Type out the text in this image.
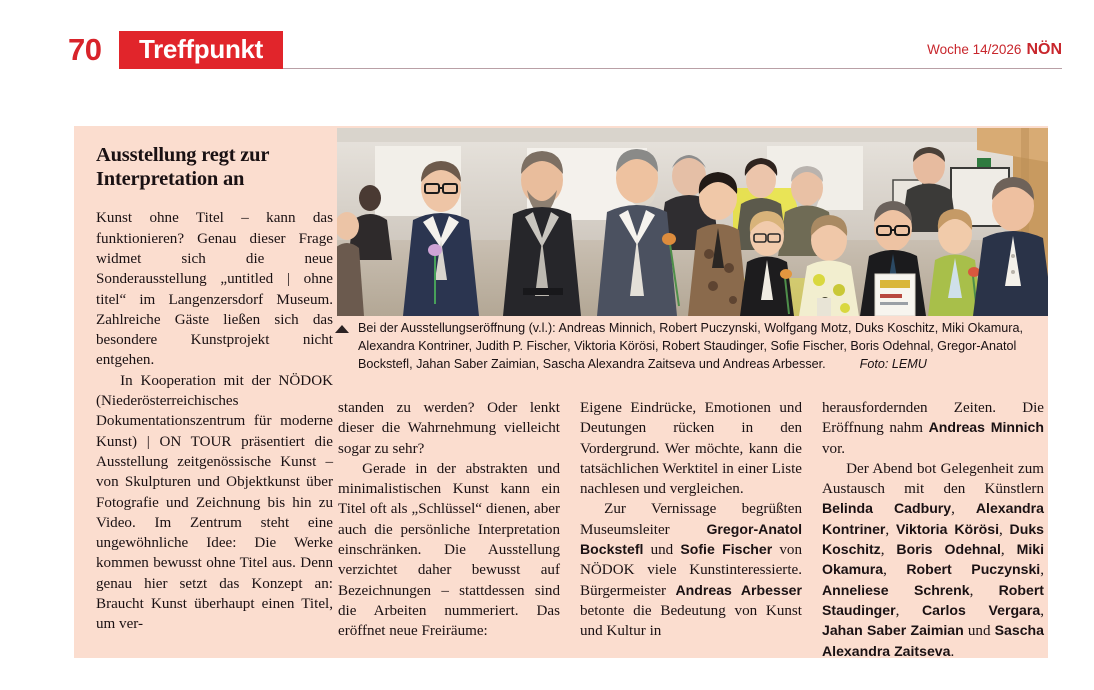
70 Treffpunkt	Woche 14/2026 NÖN
Ausstellung regt zur Interpretation an

Kunst ohne Titel – kann das funktionieren? Genau dieser Frage widmet sich die neue Sonderausstellung „untitled | ohne titel“ im Langenzersdorf Museum. Zahlreiche Gäste ließen sich das besondere Kunstprojekt nicht entgehen.

In Kooperation mit der NÖDOK (Niederösterreichisches Dokumentationszentrum für moderne Kunst) | ON TOUR präsentiert die Ausstellung zeitgenössische Kunst – von Skulpturen und Objektkunst über Fotografie und Zeichnung bis hin zu Video. Im Zentrum steht eine ungewöhnliche Idee: Die Werke kommen bewusst ohne Titel aus. Denn genau hier setzt das Konzept an: Braucht Kunst überhaupt einen Titel, um ver-

Bei der Ausstellungseröffnung (v.l.): Andreas Minnich, Robert Puczynski, Wolfgang Motz, Duks Koschitz, Miki Okamura, Alexandra Kontriner, Judith P. Fischer, Viktoria Körösi, Robert Staudinger, Sofie Fischer, Boris Odehnal, Gregor-Anatol Bockstefl, Jahan Saber Zaimian, Sascha Alexandra Zaitseva und Andreas Arbesser.	Foto: LEMU

standen zu werden? Oder lenkt dieser die Wahrnehmung vielleicht sogar zu sehr?

Gerade in der abstrakten und minimalistischen Kunst kann ein Titel oft als „Schlüssel“ dienen, aber auch die persönliche Interpretation einschränken. Die Ausstellung verzichtet daher bewusst auf Bezeichnungen – stattdessen sind die Arbeiten nummeriert. Das eröffnet neue Freiräume:

Eigene Eindrücke, Emotionen und Deutungen rücken in den Vordergrund. Wer möchte, kann die tatsächlichen Werktitel in einer Liste nachlesen und vergleichen.

Zur Vernissage begrüßten Museumsleiter Gregor-Anatol Bockstefl und Sofie Fischer von NÖDOK viele Kunstinteressierte. Bürgermeister Andreas Arbesser betonte die Bedeutung von Kunst und Kultur in

herausfordernden Zeiten. Die Eröffnung nahm Andreas Minnich vor.

Der Abend bot Gelegenheit zum Austausch mit den Künstlern Belinda Cadbury, Alexandra Kontriner, Viktoria Körösi, Duks Koschitz, Boris Odehnal, Miki Okamura, Robert Puczynski, Anneliese Schrenk, Robert Staudinger, Carlos Vergara, Jahan Saber Zaimian und Sascha Alexandra Zaitseva.
